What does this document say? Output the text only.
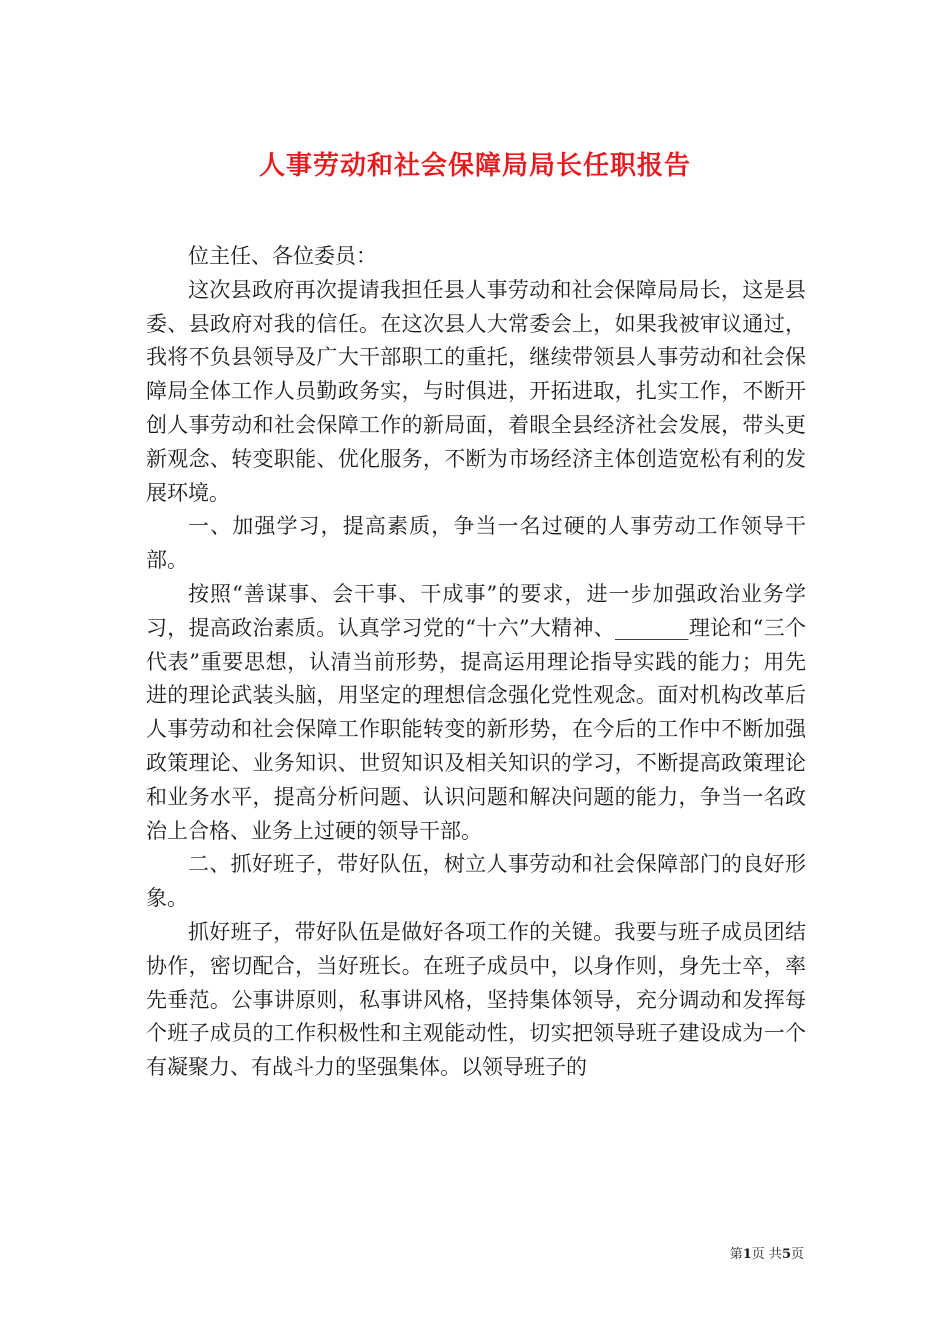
人事劳动和社会保障局局长任职报告

位主任、各位委员：

这次县政府再次提请我担任县人事劳动和社会保障局局长，这是县委、县政府对我的信任。在这次县人大常委会上，如果我被审议通过，我将不负县领导及广大干部职工的重托，继续带领县人事劳动和社会保障局全体工作人员勤政务实，与时俱进，开拓进取，扎实工作，不断开创人事劳动和社会保障工作的新局面，着眼全县经济社会发展，带头更新观念、转变职能、优化服务，不断为市场经济主体创造宽松有利的发展环境。

一、加强学习，提高素质，争当一名过硬的人事劳动工作领导干部。

按照“善谋事、会干事、干成事”的要求，进一步加强政治业务学习，提高政治素质。认真学习党的“十六”大精神、_______理论和“三个代表”重要思想，认清当前形势，提高运用理论指导实践的能力；用先进的理论武装头脑，用坚定的理想信念强化党性观念。面对机构改革后人事劳动和社会保障工作职能转变的新形势，在今后的工作中不断加强政策理论、业务知识、世贸知识及相关知识的学习，不断提高政策理论和业务水平，提高分析问题、认识问题和解决问题的能力，争当一名政治上合格、业务上过硬的领导干部。

二、抓好班子，带好队伍，树立人事劳动和社会保障部门的良好形象。

抓好班子，带好队伍是做好各项工作的关键。我要与班子成员团结协作，密切配合，当好班长。在班子成员中，以身作则，身先士卒，率先垂范。公事讲原则，私事讲风格，坚持集体领导，充分调动和发挥每个班子成员的工作积极性和主观能动性，切实把领导班子建设成为一个有凝聚力、有战斗力的坚强集体。以领导班子的

第1页 共5页
